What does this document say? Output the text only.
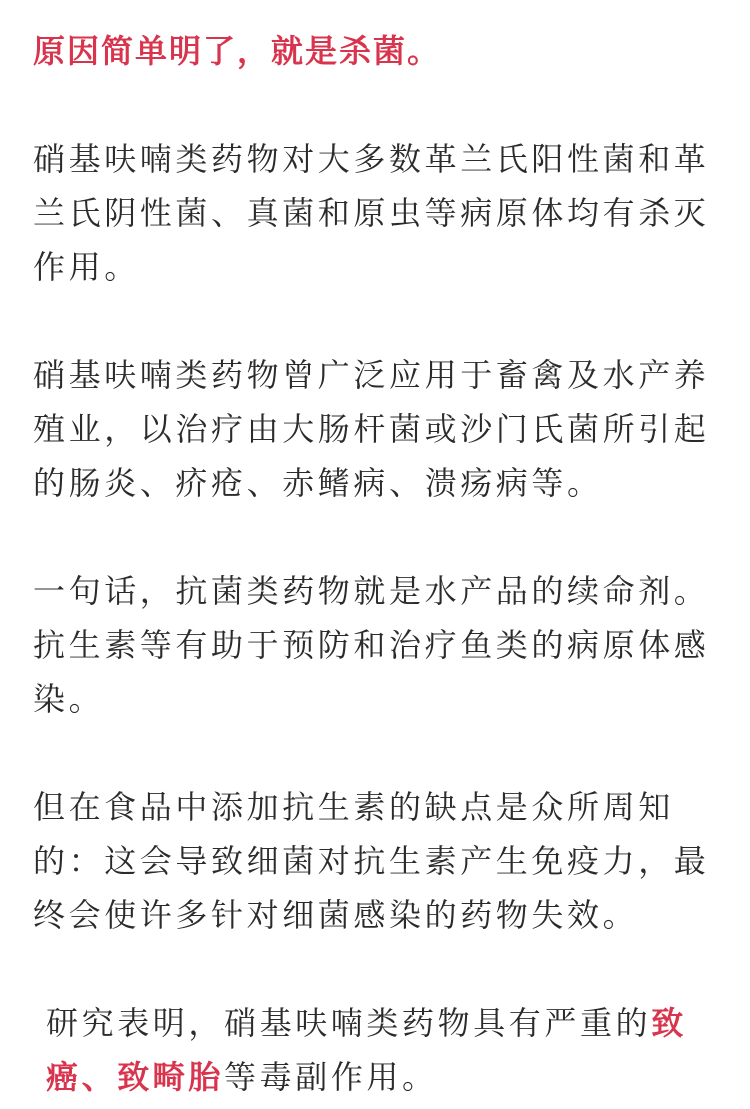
原因简单明了，就是杀菌。

硝基呋喃类药物对大多数革兰氏阳性菌和革兰氏阴性菌、真菌和原虫等病原体均有杀灭作用。

硝基呋喃类药物曾广泛应用于畜禽及水产养殖业，以治疗由大肠杆菌或沙门氏菌所引起的肠炎、疥疮、赤鳍病、溃疡病等。

一句话，抗菌类药物就是水产品的续命剂。抗生素等有助于预防和治疗鱼类的病原体感染。

但在食品中添加抗生素的缺点是众所周知的：这会导致细菌对抗生素产生免疫力，最终会使许多针对细菌感染的药物失效。

研究表明，硝基呋喃类药物具有严重的致癌、致畸胎等毒副作用。
